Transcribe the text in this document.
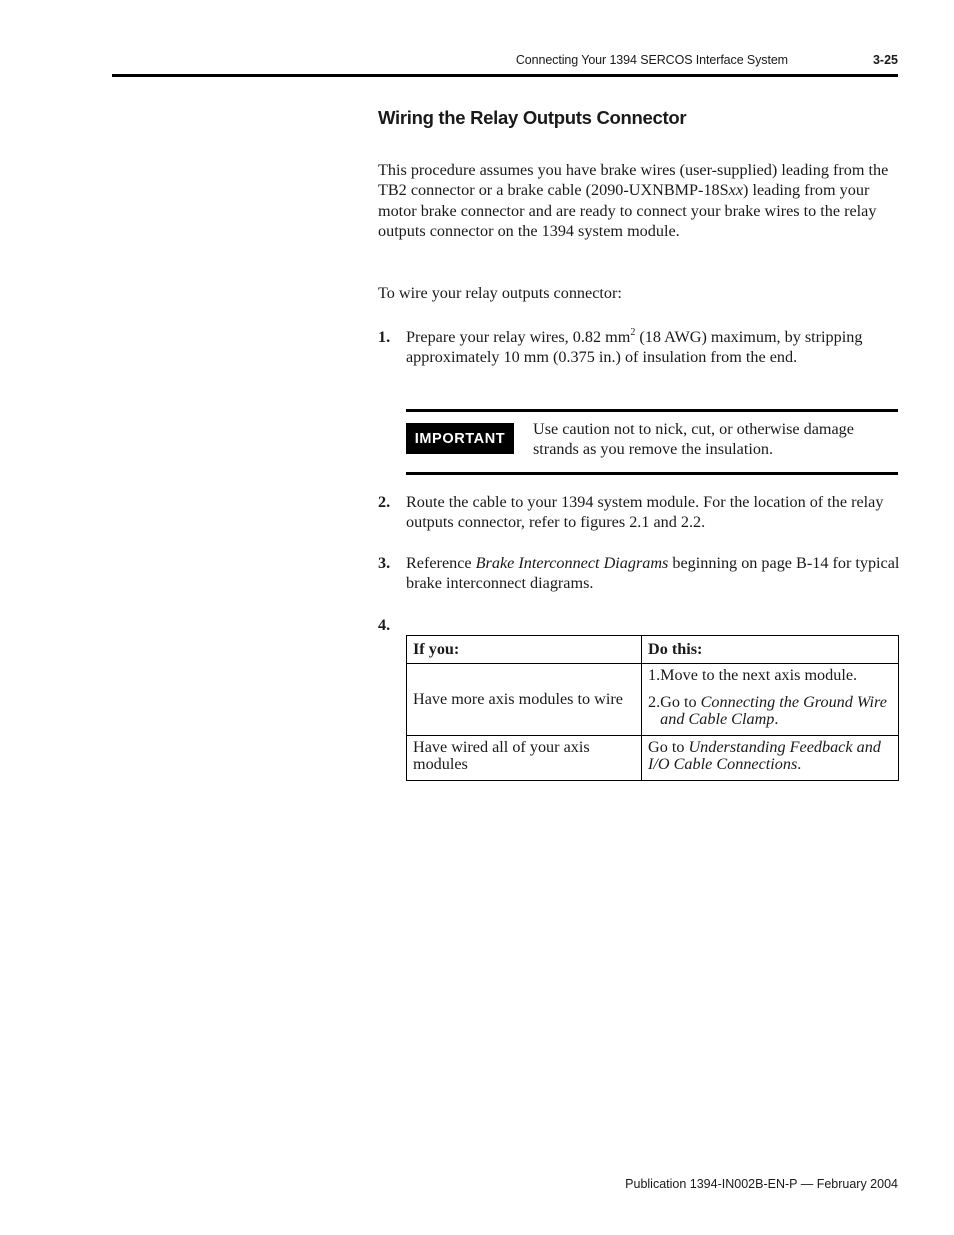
Connecting Your 1394 SERCOS Interface System	3-25
Wiring the Relay Outputs Connector

This procedure assumes you have brake wires (user-supplied) leading from the TB2 connector or a brake cable (2090-UXNBMP-18Sxx) leading from your motor brake connector and are ready to connect your brake wires to the relay outputs connector on the 1394 system module.

To wire your relay outputs connector:

1. Prepare your relay wires, 0.82 $mm^2$ (18 AWG) maximum, by stripping approximately 10 mm (0.375 in.) of insulation from the end.
IMPORTANT
Use caution not to nick, cut, or otherwise damage strands as you remove the insulation.
2. Route the cable to your 1394 system module. For the location of the relay outputs connector, refer to figures 2.1 and 2.2.
3. Reference Brake Interconnect Diagrams beginning on page B-14 for typical brake interconnect diagrams.
4.
If you:	Do this:
Have more axis modules to wire	1. Move to the next axis module.
2. Go to Connecting the Ground Wire and Cable Clamp.

Have wired all of your axis modules	Go to Understanding Feedback and I/O Cable Connections.
Publication 1394-IN002B-EN-P — February 2004
